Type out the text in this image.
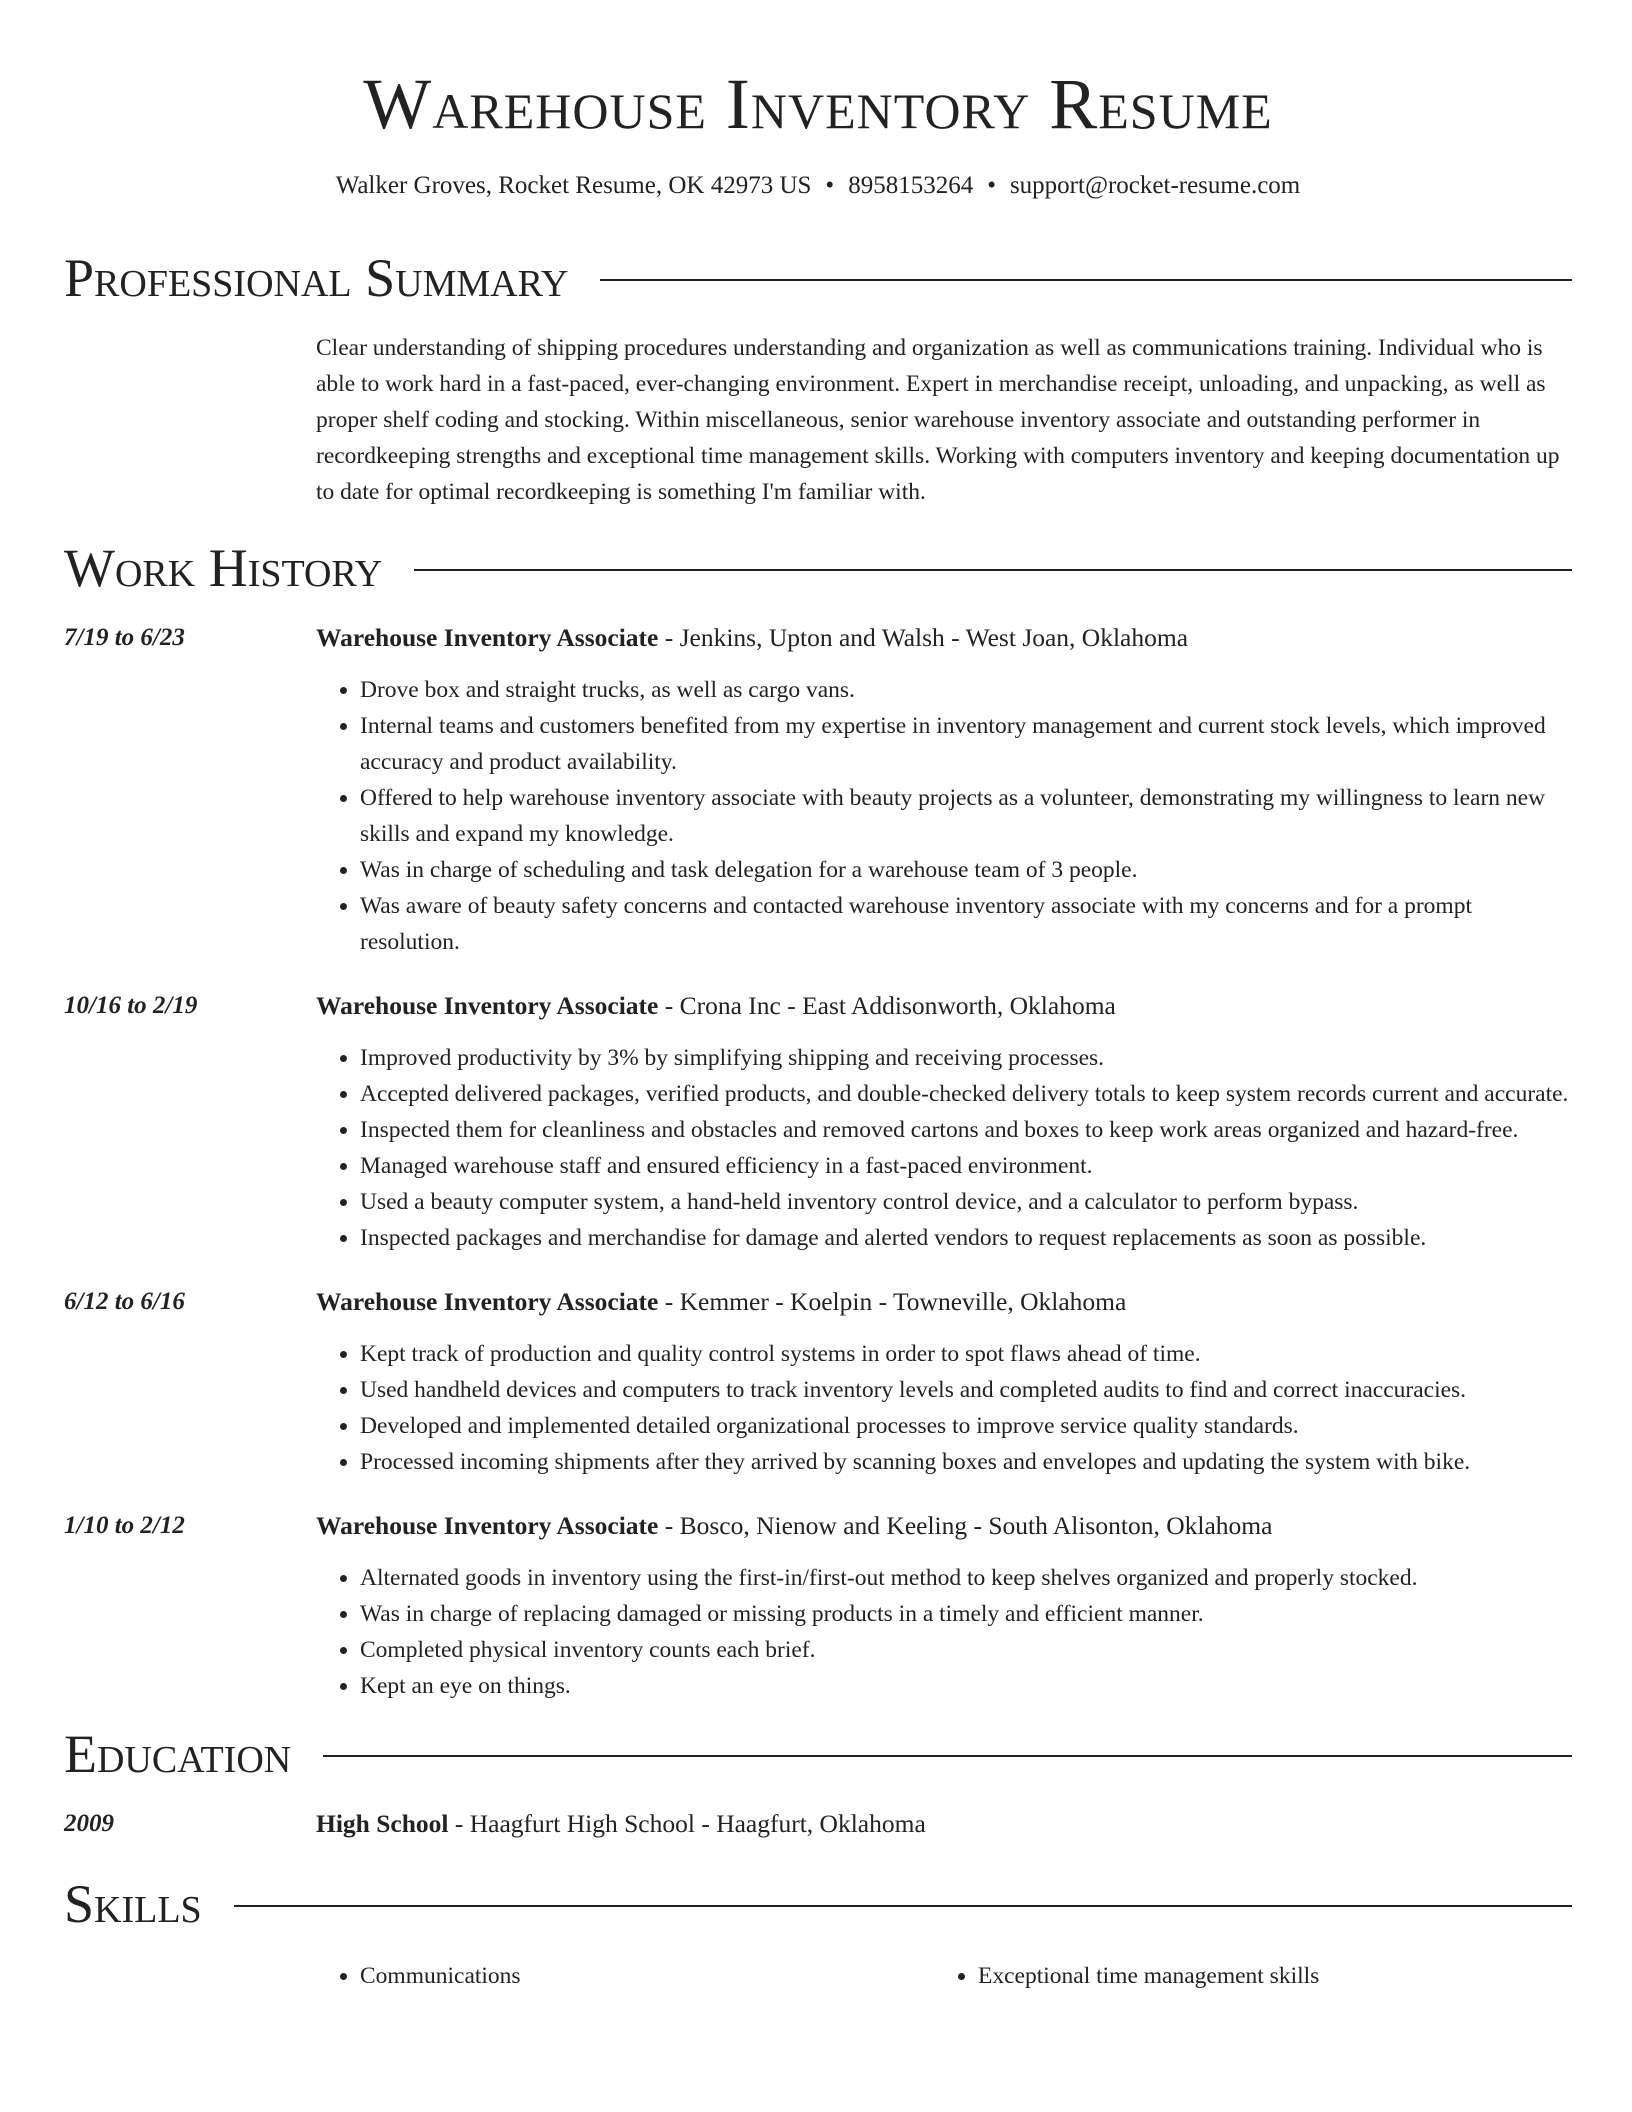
Warehouse Inventory Resume
Walker Groves, Rocket Resume, OK 42973 US • 8958153264 • support@rocket-resume.com
Professional Summary
Clear understanding of shipping procedures understanding and organization as well as communications training. Individual who is able to work hard in a fast-paced, ever-changing environment. Expert in merchandise receipt, unloading, and unpacking, as well as proper shelf coding and stocking. Within miscellaneous, senior warehouse inventory associate and outstanding performer in recordkeeping strengths and exceptional time management skills. Working with computers inventory and keeping documentation up to date for optimal recordkeeping is something I'm familiar with.
Work History
7/19 to 6/23	Warehouse Inventory Associate - Jenkins, Upton and Walsh - West Joan, Oklahoma
• Drove box and straight trucks, as well as cargo vans.
• Internal teams and customers benefited from my expertise in inventory management and current stock levels, which improved accuracy and product availability.
• Offered to help warehouse inventory associate with beauty projects as a volunteer, demonstrating my willingness to learn new skills and expand my knowledge.
• Was in charge of scheduling and task delegation for a warehouse team of 3 people.
• Was aware of beauty safety concerns and contacted warehouse inventory associate with my concerns and for a prompt resolution.
10/16 to 2/19	Warehouse Inventory Associate - Crona Inc - East Addisonworth, Oklahoma
• Improved productivity by 3% by simplifying shipping and receiving processes.
• Accepted delivered packages, verified products, and double-checked delivery totals to keep system records current and accurate.
• Inspected them for cleanliness and obstacles and removed cartons and boxes to keep work areas organized and hazard-free.
• Managed warehouse staff and ensured efficiency in a fast-paced environment.
• Used a beauty computer system, a hand-held inventory control device, and a calculator to perform bypass.
• Inspected packages and merchandise for damage and alerted vendors to request replacements as soon as possible.
6/12 to 6/16	Warehouse Inventory Associate - Kemmer - Koelpin - Towneville, Oklahoma
• Kept track of production and quality control systems in order to spot flaws ahead of time.
• Used handheld devices and computers to track inventory levels and completed audits to find and correct inaccuracies.
• Developed and implemented detailed organizational processes to improve service quality standards.
• Processed incoming shipments after they arrived by scanning boxes and envelopes and updating the system with bike.
1/10 to 2/12	Warehouse Inventory Associate - Bosco, Nienow and Keeling - South Alisonton, Oklahoma
• Alternated goods in inventory using the first-in/first-out method to keep shelves organized and properly stocked.
• Was in charge of replacing damaged or missing products in a timely and efficient manner.
• Completed physical inventory counts each brief.
• Kept an eye on things.
Education
2009	High School - Haagfurt High School - Haagfurt, Oklahoma
Skills
• Communications
•	Exceptional time management skills
